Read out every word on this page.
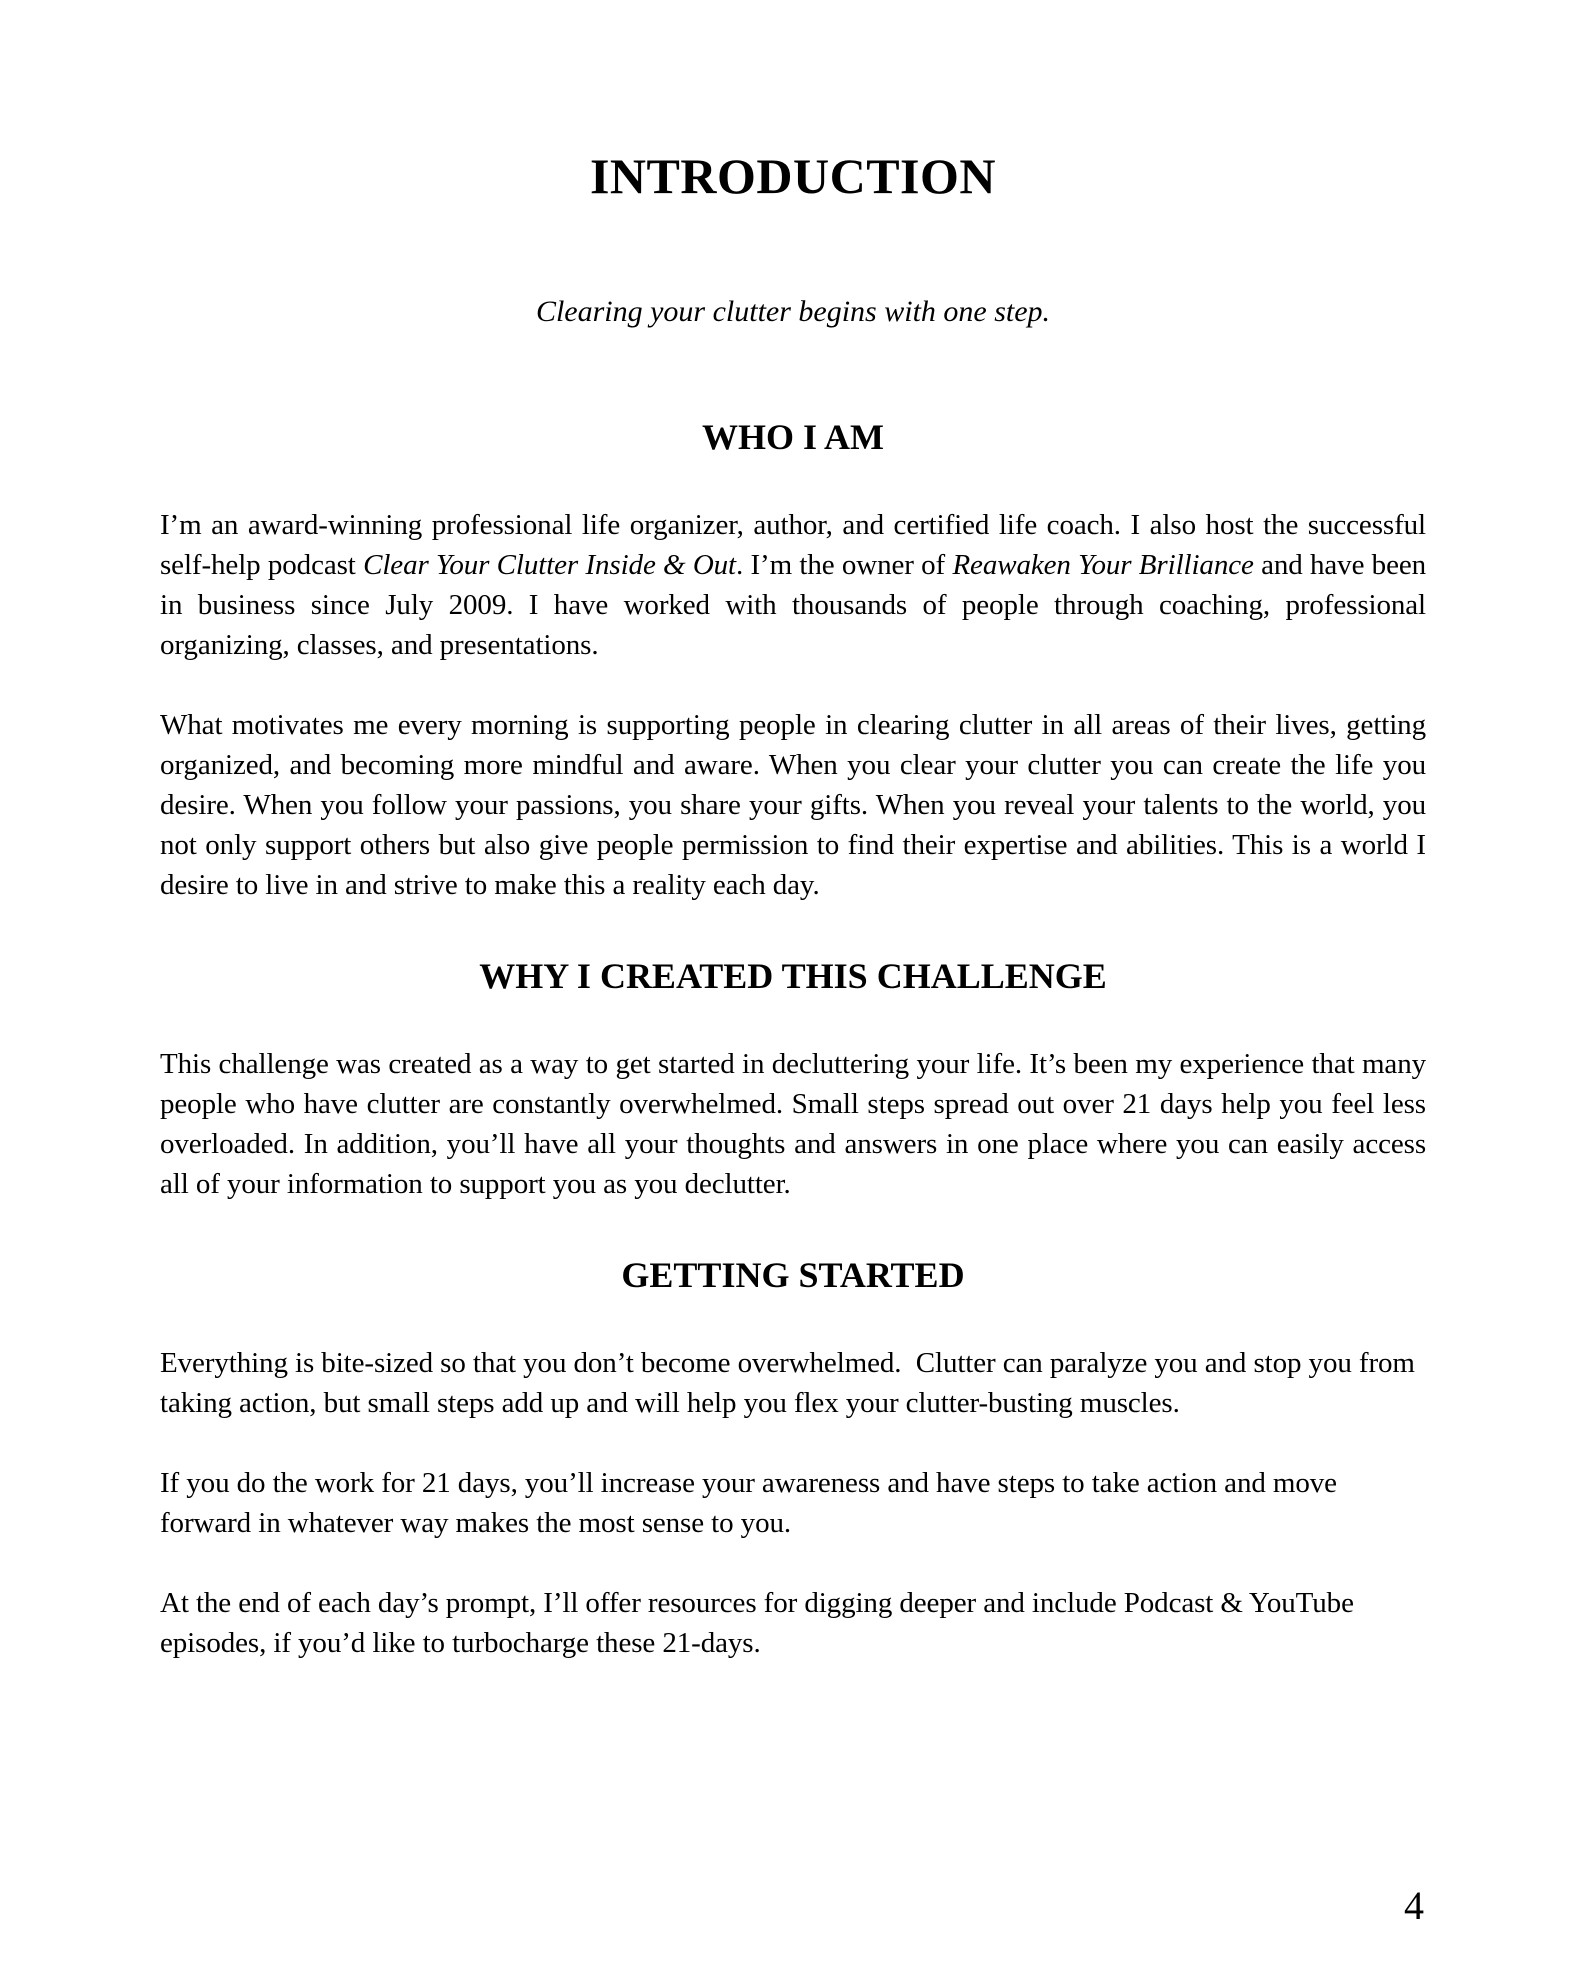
INTRODUCTION
Clearing your clutter begins with one step.
WHO I AM

I’m an award-winning professional life organizer, author, and certified life coach. I also host the successful self-help podcast Clear Your Clutter Inside & Out. I’m the owner of Reawaken Your Brilliance and have been in business since July 2009. I have worked with thousands of people through coaching, professional organizing, classes, and presentations.

What motivates me every morning is supporting people in clearing clutter in all areas of their lives, getting organized, and becoming more mindful and aware. When you clear your clutter you can create the life you desire. When you follow your passions, you share your gifts. When you reveal your talents to the world, you not only support others but also give people permission to find their expertise and abilities. This is a world I desire to live in and strive to make this a reality each day.

WHY I CREATED THIS CHALLENGE

This challenge was created as a way to get started in decluttering your life. It’s been my experience that many people who have clutter are constantly overwhelmed. Small steps spread out over 21 days help you feel less overloaded. In addition, you’ll have all your thoughts and answers in one place where you can easily access all of your information to support you as you declutter.

GETTING STARTED

Everything is bite-sized so that you don’t become overwhelmed.  Clutter can paralyze you and stop you from taking action, but small steps add up and will help you flex your clutter-busting muscles.

If you do the work for 21 days, you’ll increase your awareness and have steps to take action and move forward in whatever way makes the most sense to you.

At the end of each day’s prompt, I’ll offer resources for digging deeper and include Podcast & YouTube episodes, if you’d like to turbocharge these 21-days.

4
